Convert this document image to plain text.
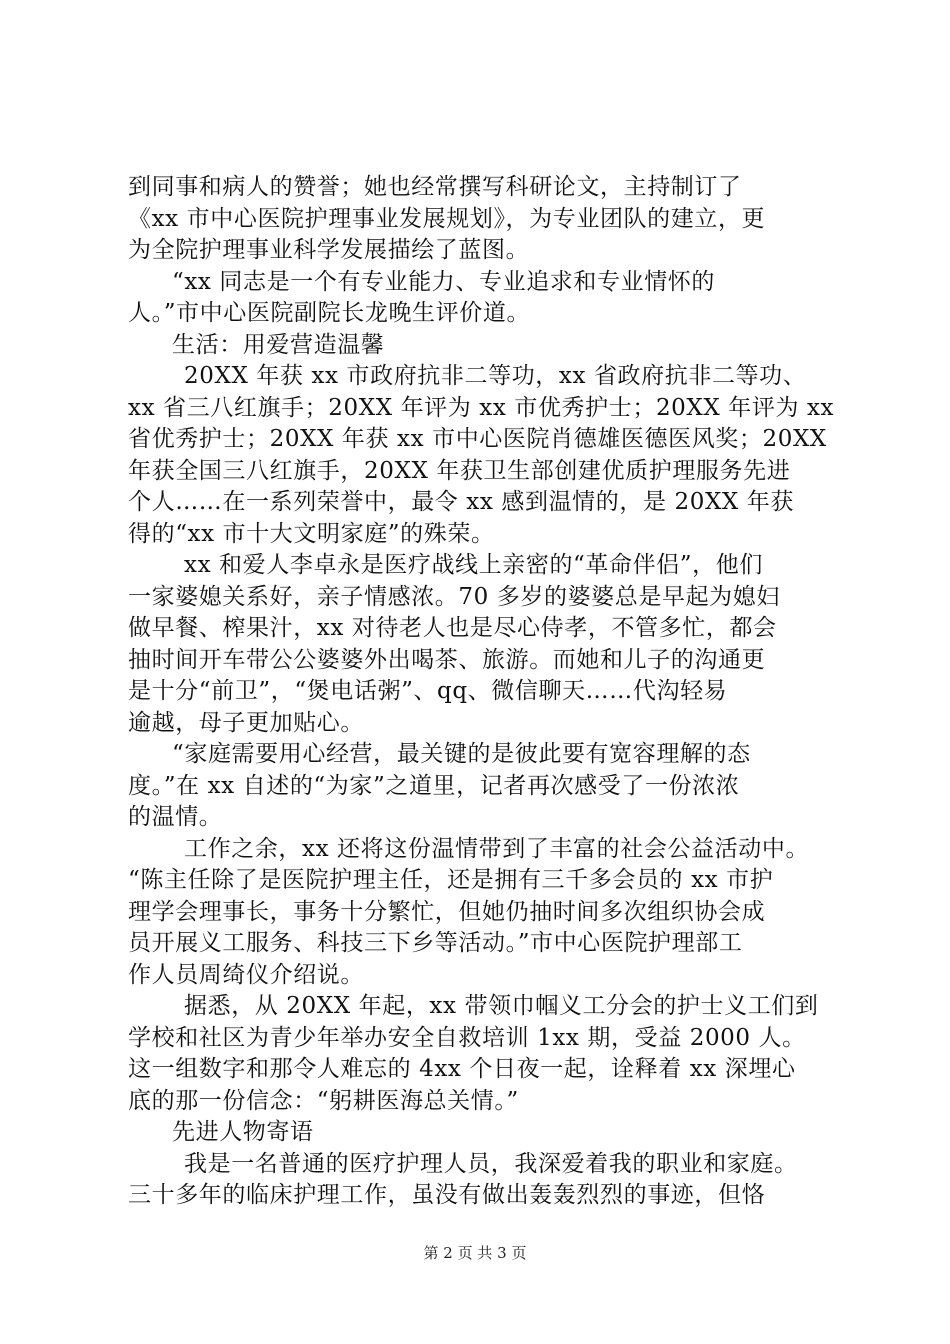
到同事和病人的赞誉；她也经常撰写科研论文，主持制订了
《xx 市中心医院护理事业发展规划》，为专业团队的建立，更
为全院护理事业科学发展描绘了蓝图。
“xx 同志是一个有专业能力、专业追求和专业情怀的
人。”市中心医院副院长龙晚生评价道。
生活：用爱营造温馨
20XX 年获 xx 市政府抗非二等功，xx 省政府抗非二等功、
xx 省三八红旗手；20XX 年评为 xx 市优秀护士；20XX 年评为 xx
省优秀护士；20XX 年获 xx 市中心医院肖德雄医德医风奖；20XX
年获全国三八红旗手，20XX 年获卫生部创建优质护理服务先进
个人……在一系列荣誉中，最令 xx 感到温情的，是 20XX 年获
得的“xx 市十大文明家庭”的殊荣。
xx 和爱人李卓永是医疗战线上亲密的“革命伴侣”，他们
一家婆媳关系好，亲子情感浓。70 多岁的婆婆总是早起为媳妇
做早餐、榨果汁，xx 对待老人也是尽心侍孝，不管多忙，都会
抽时间开车带公公婆婆外出喝茶、旅游。而她和儿子的沟通更
是十分“前卫”，“煲电话粥”、qq、微信聊天……代沟轻易
逾越，母子更加贴心。
“家庭需要用心经营，最关键的是彼此要有宽容理解的态
度。”在 xx 自述的“为家”之道里，记者再次感受了一份浓浓
的温情。
工作之余，xx 还将这份温情带到了丰富的社会公益活动中。
“陈主任除了是医院护理主任，还是拥有三千多会员的 xx 市护
理学会理事长，事务十分繁忙，但她仍抽时间多次组织协会成
员开展义工服务、科技三下乡等活动。”市中心医院护理部工
作人员周绮仪介绍说。
据悉，从 20XX 年起，xx 带领巾帼义工分会的护士义工们到
学校和社区为青少年举办安全自救培训 1xx 期，受益 2000 人。
这一组数字和那令人难忘的 4xx 个日夜一起，诠释着 xx 深埋心
底的那一份信念：“躬耕医海总关情。”
先进人物寄语
我是一名普通的医疗护理人员，我深爱着我的职业和家庭。
三十多年的临床护理工作，虽没有做出轰轰烈烈的事迹，但恪
第 2 页 共 3 页
